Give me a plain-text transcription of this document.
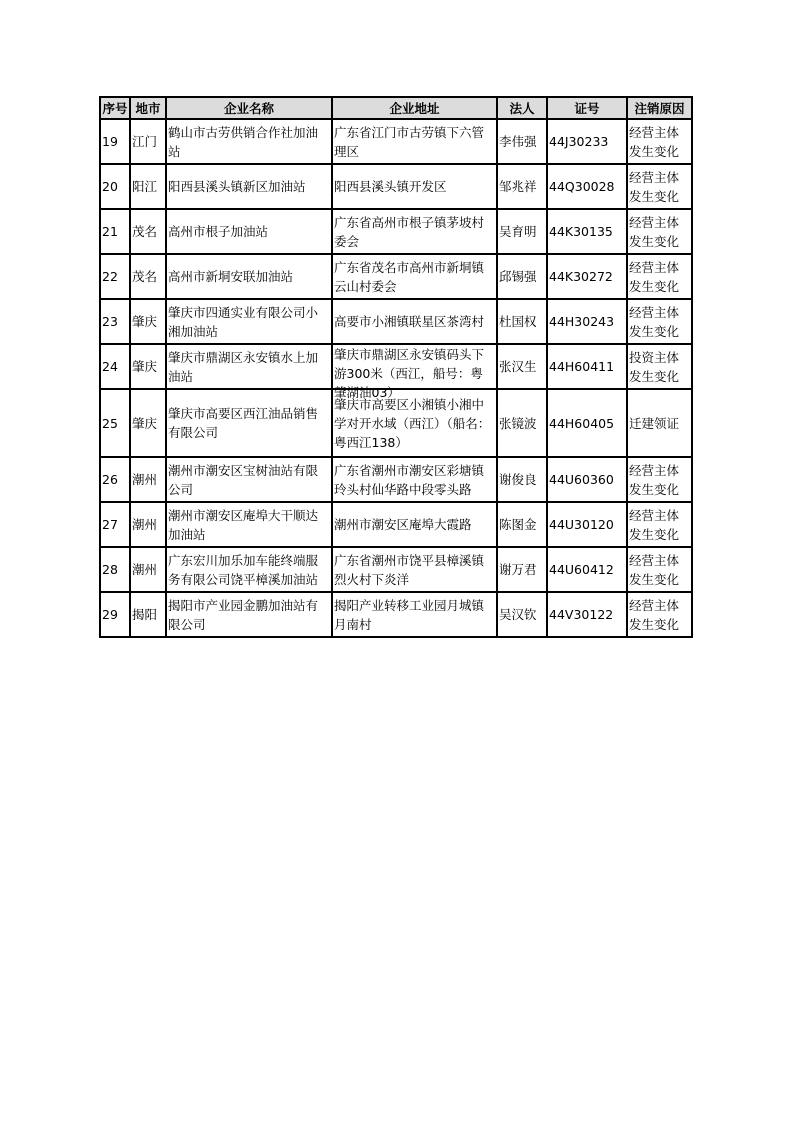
序号	地市	企业名称	企业地址	法人	证号	注销原因

19	江门	鹤山市古劳供销合作社加油站	广东省江门市古劳镇下六管理区	李伟强	44J30233	经营主体发生变化

20	阳江	阳西县溪头镇新区加油站	阳西县溪头镇开发区	邹兆祥	44Q30028	经营主体发生变化

21	茂名	高州市根子加油站	广东省高州市根子镇茅坡村委会	吴育明	44K30135	经营主体发生变化

22	茂名	高州市新垌安联加油站	广东省茂名市高州市新垌镇云山村委会	邱锡强	44K30272	经营主体发生变化

23	肇庆	肇庆市四通实业有限公司小湘加油站	高要市小湘镇联星区茶湾村	杜国权	44H30243	经营主体发生变化

24	肇庆	肇庆市鼎湖区永安镇水上加油站	肇庆市鼎湖区永安镇码头下游300米（西江，船号：粤肇湖油03）	张汉生	44H60411	投资主体发生变化

25	肇庆	肇庆市高要区西江油品销售有限公司	肇庆市高要区小湘镇小湘中学对开水域（西江）（船名：粤西江138）	张镜波	44H60405	迁建领证

26	潮州	潮州市潮安区宝树油站有限公司	广东省潮州市潮安区彩塘镇玲头村仙华路中段零头路	谢俊良	44U60360	经营主体发生变化

27	潮州	潮州市潮安区庵埠大干顺达加油站	潮州市潮安区庵埠大霞路	陈图金	44U30120	经营主体发生变化

28	潮州	广东宏川加乐加车能终端服务有限公司饶平樟溪加油站	广东省潮州市饶平县樟溪镇烈火村下炎洋	谢万君	44U60412	经营主体发生变化

29	揭阳	揭阳市产业园金鹏加油站有限公司	揭阳产业转移工业园月城镇月南村	吴汉钦	44V30122	经营主体发生变化
